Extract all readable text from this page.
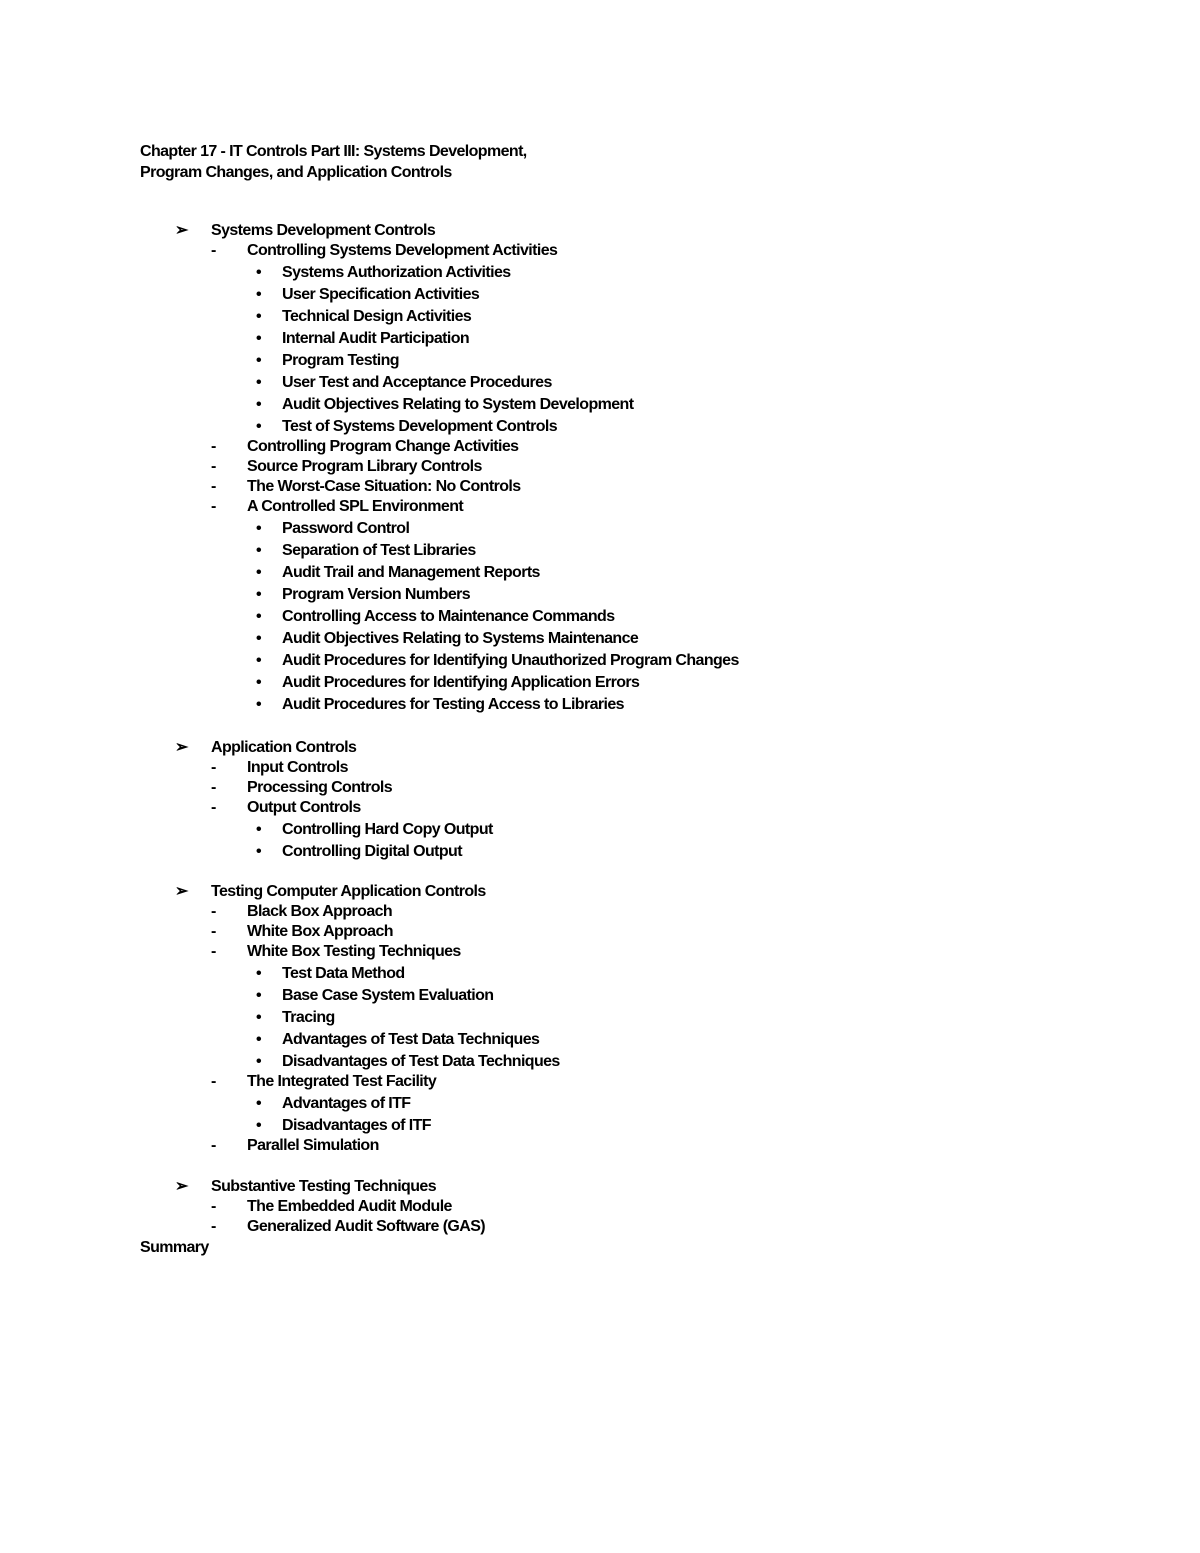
Chapter 17 - IT Controls Part III: Systems Development,
Program Changes, and Application Controls
➢ Systems Development Controls
- Controlling Systems Development Activities
• Systems Authorization Activities
• User Specification Activities
• Technical Design Activities
• Internal Audit Participation
• Program Testing
• User Test and Acceptance Procedures
• Audit Objectives Relating to System Development
• Test of Systems Development Controls
- Controlling Program Change Activities
- Source Program Library Controls
- The Worst-Case Situation: No Controls
- A Controlled SPL Environment
• Password Control
• Separation of Test Libraries
• Audit Trail and Management Reports
• Program Version Numbers
• Controlling Access to Maintenance Commands
• Audit Objectives Relating to Systems Maintenance
• Audit Procedures for Identifying Unauthorized Program Changes
• Audit Procedures for Identifying Application Errors
• Audit Procedures for Testing Access to Libraries
➢ Application Controls
- Input Controls
- Processing Controls
- Output Controls
• Controlling Hard Copy Output
• Controlling Digital Output
➢ Testing Computer Application Controls
- Black Box Approach
- White Box Approach
- White Box Testing Techniques
• Test Data Method
• Base Case System Evaluation
• Tracing
• Advantages of Test Data Techniques
• Disadvantages of Test Data Techniques
- The Integrated Test Facility
• Advantages of ITF
• Disadvantages of ITF
- Parallel Simulation
➢ Substantive Testing Techniques
- The Embedded Audit Module
- Generalized Audit Software (GAS)
Summary
